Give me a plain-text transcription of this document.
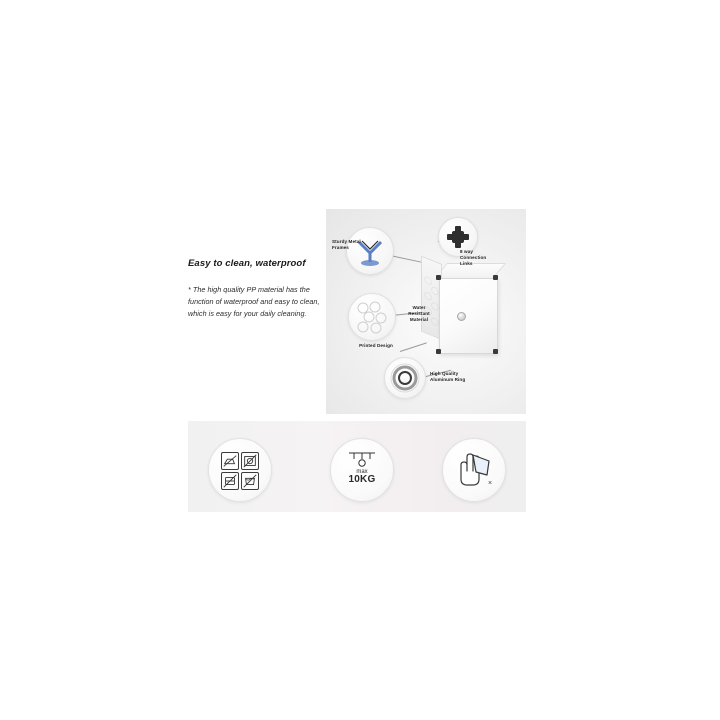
Easy to clean, waterproof

* The high quality PP material has the function of waterproof and easy to clean, which is easy for your daily cleaning.

Sturdy Metal Frames
8 way Connection Links
Water Resistant Material
Printed Design
High Quality Aluminum Ring
max
10KG	×
